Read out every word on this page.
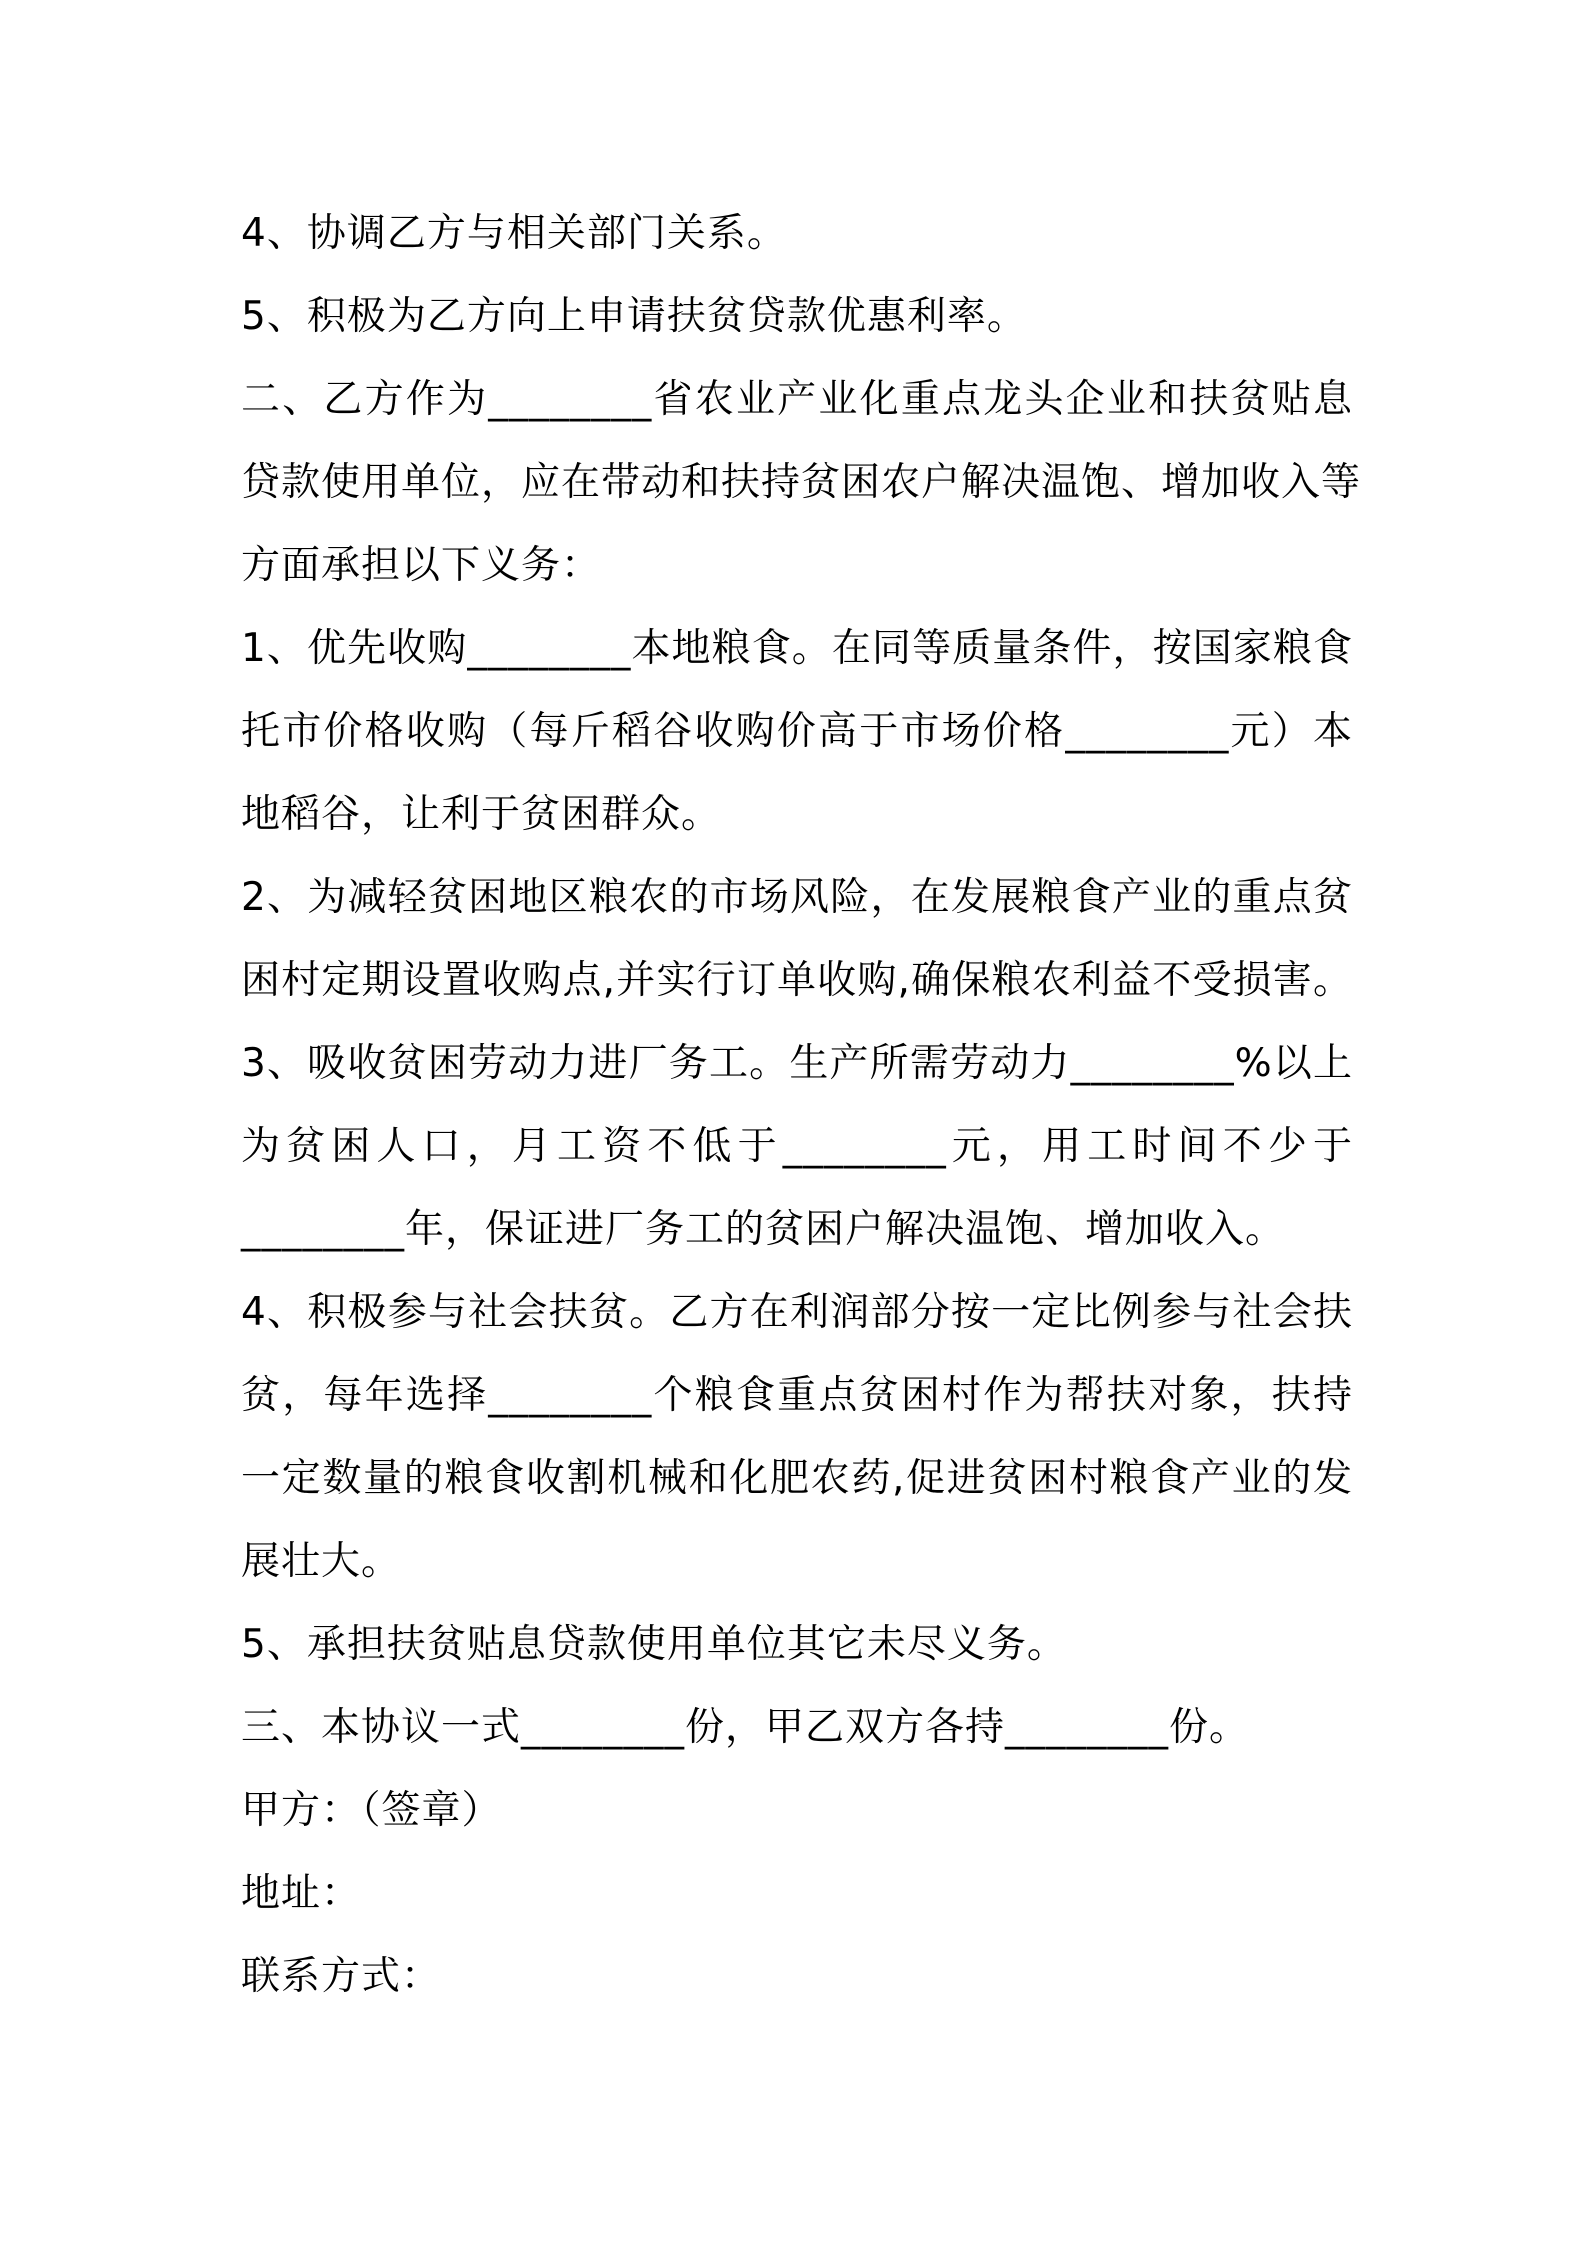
4、协调乙方与相关部门关系。
5、积极为乙方向上申请扶贫贷款优惠利率。
二、乙方作为________省农业产业化重点龙头企业和扶贫贴息
贷款使用单位，应在带动和扶持贫困农户解决温饱、增加收入等
方面承担以下义务：
1、优先收购________本地粮食。在同等质量条件，按国家粮食
托市价格收购（每斤稻谷收购价高于市场价格________元）本
地稻谷，让利于贫困群众。
2、为减轻贫困地区粮农的市场风险，在发展粮食产业的重点贫
困村定期设置收购点,并实行订单收购,确保粮农利益不受损害。
3、吸收贫困劳动力进厂务工。生产所需劳动力________%以上
为贫困人口，月工资不低于________元，用工时间不少于
________年，保证进厂务工的贫困户解决温饱、增加收入。
4、积极参与社会扶贫。乙方在利润部分按一定比例参与社会扶
贫，每年选择________个粮食重点贫困村作为帮扶对象，扶持
一定数量的粮食收割机械和化肥农药,促进贫困村粮食产业的发
展壮大。
5、承担扶贫贴息贷款使用单位其它未尽义务。
三、本协议一式________份，甲乙双方各持________份。
甲方：（签章）
地址：
联系方式：
